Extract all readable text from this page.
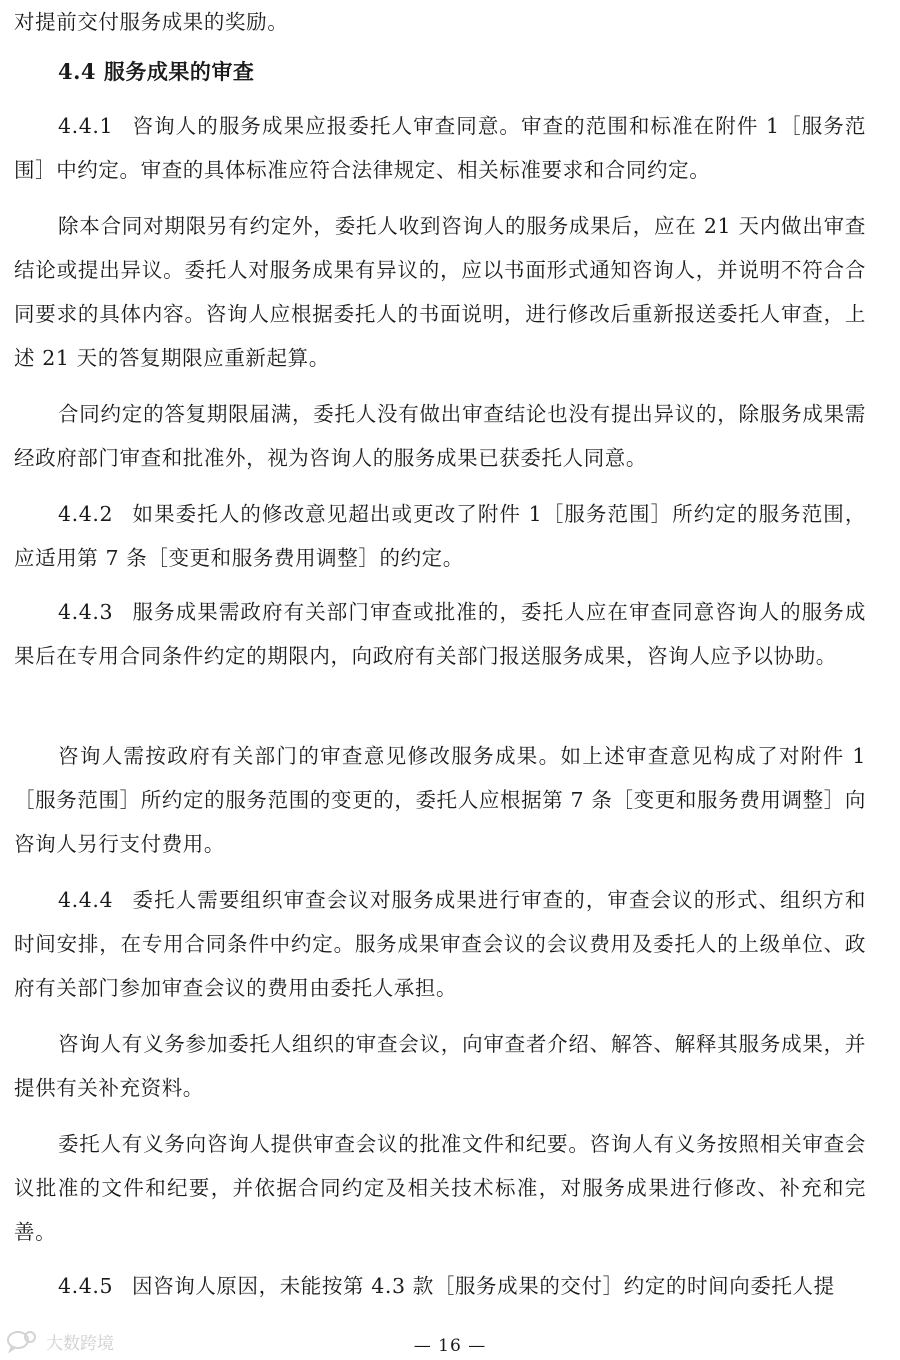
对提前交付服务成果的奖励。

4.4 服务成果的审查

4.4.1 咨询人的服务成果应报委托人审查同意。审查的范围和标准在附件 1［服务范围］中约定。审查的具体标准应符合法律规定、相关标准要求和合同约定。

除本合同对期限另有约定外，委托人收到咨询人的服务成果后，应在 21 天内做出审查结论或提出异议。委托人对服务成果有异议的，应以书面形式通知咨询人，并说明不符合合同要求的具体内容。咨询人应根据委托人的书面说明，进行修改后重新报送委托人审查，上述 21 天的答复期限应重新起算。

合同约定的答复期限届满，委托人没有做出审查结论也没有提出异议的，除服务成果需经政府部门审查和批准外，视为咨询人的服务成果已获委托人同意。

4.4.2 如果委托人的修改意见超出或更改了附件 1［服务范围］所约定的服务范围，应适用第 7 条［变更和服务费用调整］的约定。

4.4.3 服务成果需政府有关部门审查或批准的，委托人应在审查同意咨询人的服务成果后在专用合同条件约定的期限内，向政府有关部门报送服务成果，咨询人应予以协助。

咨询人需按政府有关部门的审查意见修改服务成果。如上述审查意见构成了对附件 1［服务范围］所约定的服务范围的变更的，委托人应根据第 7 条［变更和服务费用调整］向咨询人另行支付费用。

4.4.4 委托人需要组织审查会议对服务成果进行审查的，审查会议的形式、组织方和时间安排，在专用合同条件中约定。服务成果审查会议的会议费用及委托人的上级单位、政府有关部门参加审查会议的费用由委托人承担。

咨询人有义务参加委托人组织的审查会议，向审查者介绍、解答、解释其服务成果，并提供有关补充资料。

委托人有义务向咨询人提供审查会议的批准文件和纪要。咨询人有义务按照相关审查会议批准的文件和纪要，并依据合同约定及相关技术标准，对服务成果进行修改、补充和完善。

4.4.5 因咨询人原因，未能按第 4.3 款［服务成果的交付］约定的时间向委托人提

大数跨境	— 16 —
